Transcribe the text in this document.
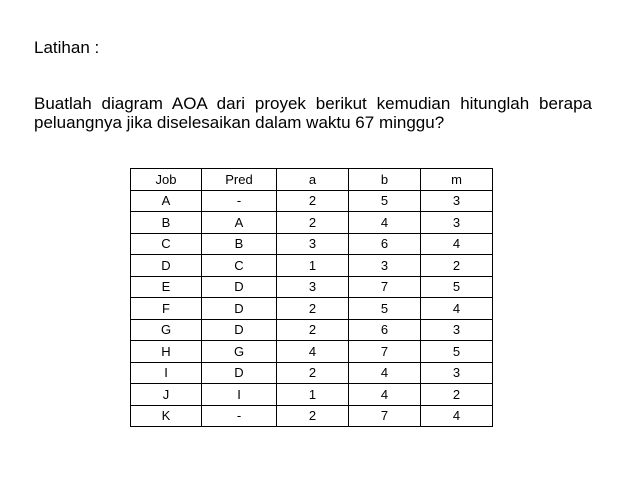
Latihan :

Buatlah diagram AOA dari proyek berikut kemudian hitunglah berapa peluangnya jika diselesaikan dalam waktu 67 minggu?

Job	Pred	a	b	m
A	-	2	5	3
B	A	2	4	3
C	B	3	6	4
D	C	1	3	2
E	D	3	7	5
F	D	2	5	4
G	D	2	6	3
H	G	4	7	5
I	D	2	4	3
J	I	1	4	2
K	-	2	7	4
